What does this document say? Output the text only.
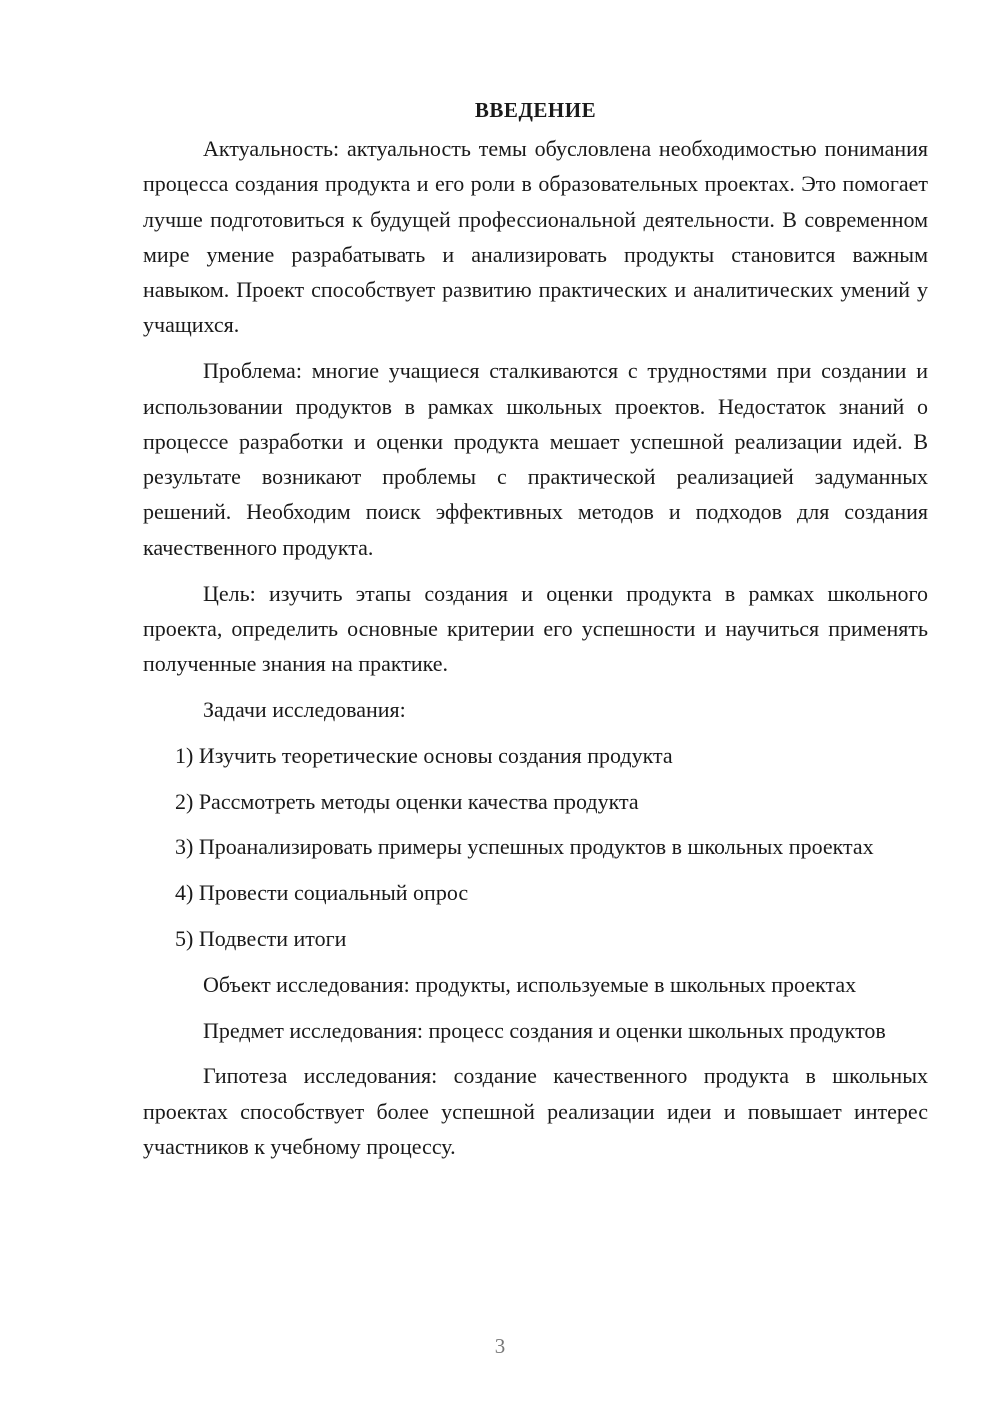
ВВЕДЕНИЕ

Актуальность: актуальность темы обусловлена необходимостью понимания процесса создания продукта и его роли в образовательных проектах. Это помогает лучше подготовиться к будущей профессиональной деятельности. В современном мире умение разрабатывать и анализировать продукты становится важным навыком. Проект способствует развитию практических и аналитических умений у учащихся.

Проблема: многие учащиеся сталкиваются с трудностями при создании и использовании продуктов в рамках школьных проектов. Недостаток знаний о процессе разработки и оценки продукта мешает успешной реализации идей. В результате возникают проблемы с практической реализацией задуманных решений. Необходим поиск эффективных методов и подходов для создания качественного продукта.

Цель: изучить этапы создания и оценки продукта в рамках школьного проекта, определить основные критерии его успешности и научиться применять полученные знания на практике.

Задачи исследования:

1) Изучить теоретические основы создания продукта

2) Рассмотреть методы оценки качества продукта

3) Проанализировать примеры успешных продуктов в школьных проектах

4) Провести социальный опрос

5) Подвести итоги

Объект исследования: продукты, используемые в школьных проектах

Предмет исследования: процесс создания и оценки школьных продуктов

Гипотеза исследования: создание качественного продукта в школьных проектах способствует более успешной реализации идеи и повышает интерес участников к учебному процессу.

3
